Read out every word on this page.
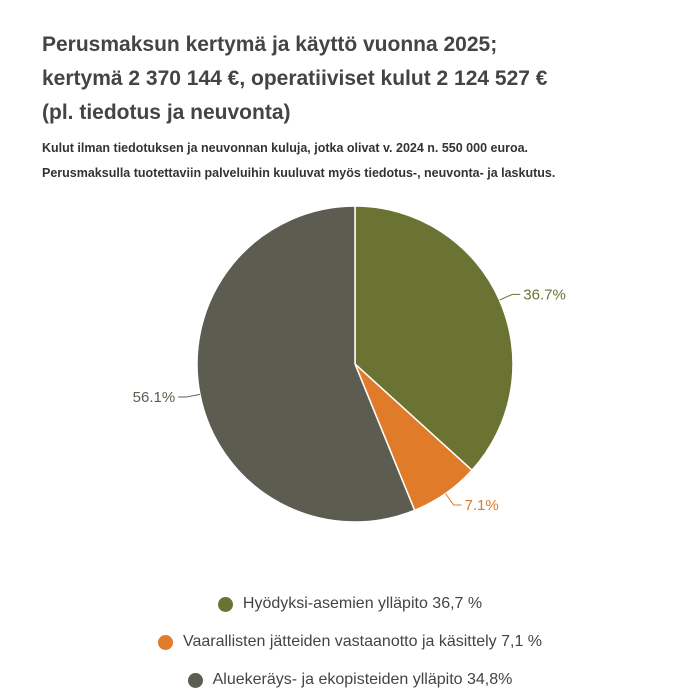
Perusmaksun kertymä ja käyttö vuonna 2025;
kertymä 2 370 144 €, operatiiviset kulut 2 124 527 €
(pl. tiedotus ja neuvonta)
Kulut ilman tiedotuksen ja neuvonnan kuluja, jotka olivat v. 2024 n. 550 000 euroa.
Perusmaksulla tuotettaviin palveluihin kuuluvat myös tiedotus-, neuvonta- ja laskutus.
36.7%
7.1%
56.1%
Hyödyksi-asemien ylläpito 36,7 %
Vaarallisten jätteiden vastaanotto ja käsittely 7,1 %
Aluekeräys- ja ekopisteiden ylläpito 34,8%
